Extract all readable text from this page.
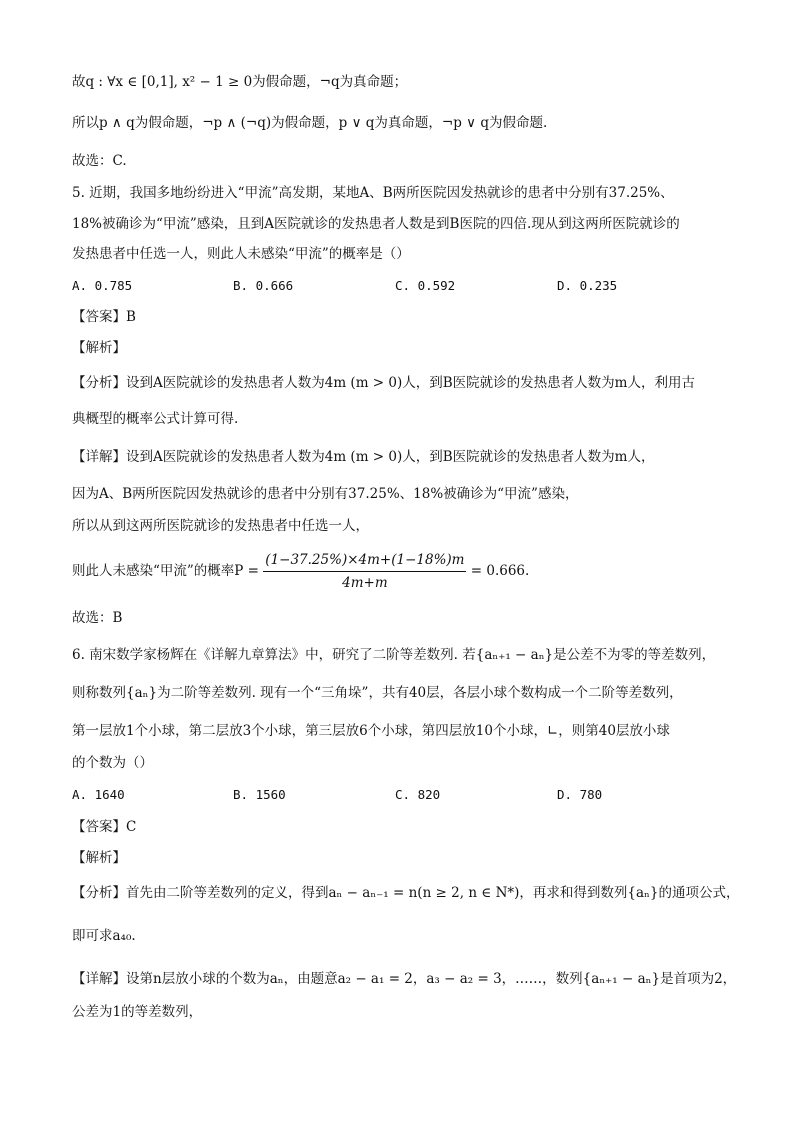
故q : ∀x ∈ [0,1], x² − 1 ≥ 0为假命题，¬q为真命题；
所以p ∧ q为假命题，¬p ∧ (¬q)为假命题，p ∨ q为真命题，¬p ∨ q为假命题.
故选：C.
5. 近期，我国多地纷纷进入“甲流”高发期，某地A、B两所医院因发热就诊的患者中分别有37.25%、
18%被确诊为“甲流”感染，且到A医院就诊的发热患者人数是到B医院的四倍.现从到这两所医院就诊的
发热患者中任选一人，则此人未感染“甲流”的概率是（）
A. 0.785	B. 0.666	C. 0.592	D. 0.235
【答案】B
【解析】
【分析】设到A医院就诊的发热患者人数为4m (m > 0)人，到B医院就诊的发热患者人数为m人，利用古
典概型的概率公式计算可得.
【详解】设到A医院就诊的发热患者人数为4m (m > 0)人，到B医院就诊的发热患者人数为m人，
因为A、B两所医院因发热就诊的患者中分别有37.25%、18%被确诊为“甲流”感染，
所以从到这两所医院就诊的发热患者中任选一人，
则此人未感染“甲流”的概率$P = \frac{(1-37.25\%)\times 4m+(1-18\%)m}{4m+m} = 0.666$.
故选：B
6. 南宋数学家杨辉在《详解九章算法》中，研究了二阶等差数列. 若{aₙ₊₁ − aₙ}是公差不为零的等差数列，
则称数列{aₙ}为二阶等差数列. 现有一个“三角垛”，共有40层，各层小球个数构成一个二阶等差数列，
第一层放1个小球，第二层放3个小球，第三层放6个小球，第四层放10个小球，∟，则第40层放小球
的个数为（）
A. 1640	B. 1560	C. 820	D. 780
【答案】C
【解析】
【分析】首先由二阶等差数列的定义，得到aₙ − aₙ₋₁ = n(n ≥ 2, n ∈ N*)，再求和得到数列{aₙ}的通项公式，
即可求a₄₀.
【详解】设第n层放小球的个数为aₙ，由题意a₂ − a₁ = 2，a₃ − a₂ = 3，……，数列{aₙ₊₁ − aₙ}是首项为2，
公差为1的等差数列，
